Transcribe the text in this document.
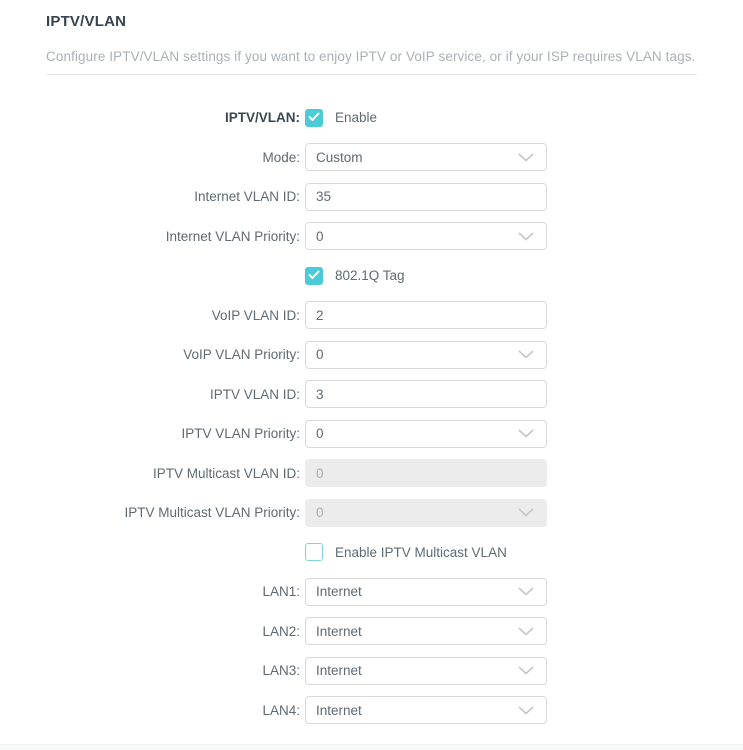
IPTV/VLAN
Configure IPTV/VLAN settings if you want to enjoy IPTV or VoIP service, or if your ISP requires VLAN tags.
IPTV/VLAN:	Enable
Mode: Custom
Internet VLAN ID:
35
Internet VLAN Priority: 0
802.1Q Tag
VoIP VLAN ID:
2
VoIP VLAN Priority: 0
IPTV VLAN ID:
3
IPTV VLAN Priority: 0
IPTV Multicast VLAN ID:
0
IPTV Multicast VLAN Priority: 0
Enable IPTV Multicast VLAN
LAN1: Internet
LAN2: Internet
LAN3: Internet
LAN4: Internet
